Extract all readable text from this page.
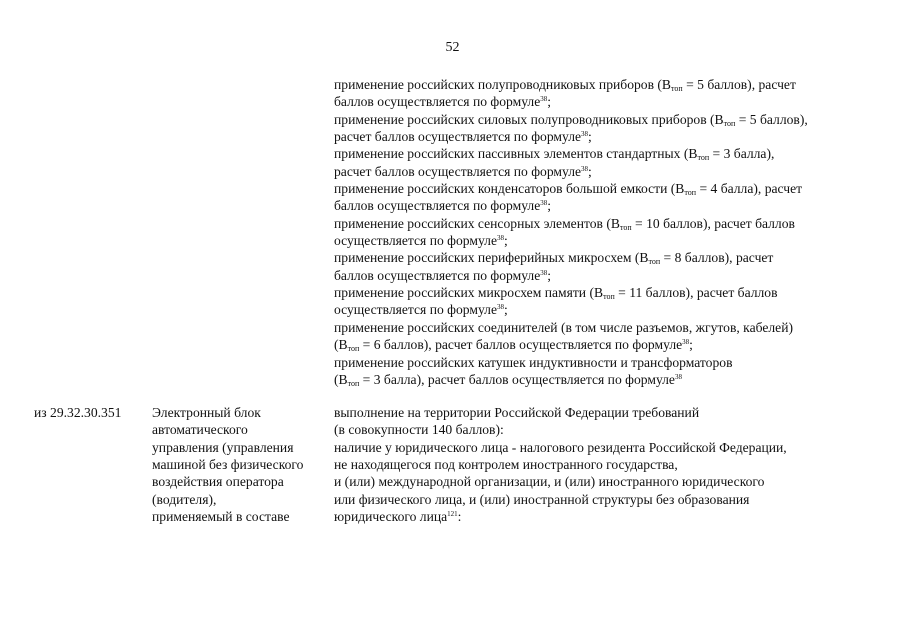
52
применение российских полупроводниковых приборов ($В_{топ} = 5$ баллов), расчет
баллов осуществляется по формуле$^{38}$;
применение российских силовых полупроводниковых приборов ($В_{топ} = 5$ баллов),
расчет баллов осуществляется по формуле$^{38}$;
применение российских пассивных элементов стандартных ($В_{топ} = 3$ балла),
расчет баллов осуществляется по формуле$^{38}$;
применение российских конденсаторов большой емкости ($В_{топ} = 4$ балла), расчет
баллов осуществляется по формуле$^{38}$;
применение российских сенсорных элементов ($В_{топ} = 10$ баллов), расчет баллов
осуществляется по формуле$^{38}$;
применение российских периферийных микросхем ($В_{топ} = 8$ баллов), расчет
баллов осуществляется по формуле$^{38}$;
применение российских микросхем памяти ($В_{топ} = 11$ баллов), расчет баллов
осуществляется по формуле$^{38}$;
применение российских соединителей (в том числе разъемов, жгутов, кабелей)
($В_{топ} = 6$ баллов), расчет баллов осуществляется по формуле$^{38}$;
применение российских катушек индуктивности и трансформаторов
($В_{топ} = 3$ балла), расчет баллов осуществляется по формуле$^{38}$
из 29.32.30.351 Электронный блок
автоматического
управления (управления
машиной без физического
воздействия оператора
(водителя),
применяемый в составе
выполнение на территории Российской Федерации требований
(в совокупности 140 баллов):
наличие у юридического лица - налогового резидента Российской Федерации,
не находящегося под контролем иностранного государства,
и (или) международной организации, и (или) иностранного юридического
или физического лица, и (или) иностранной структуры без образования
юридического лица$^{121}$:
